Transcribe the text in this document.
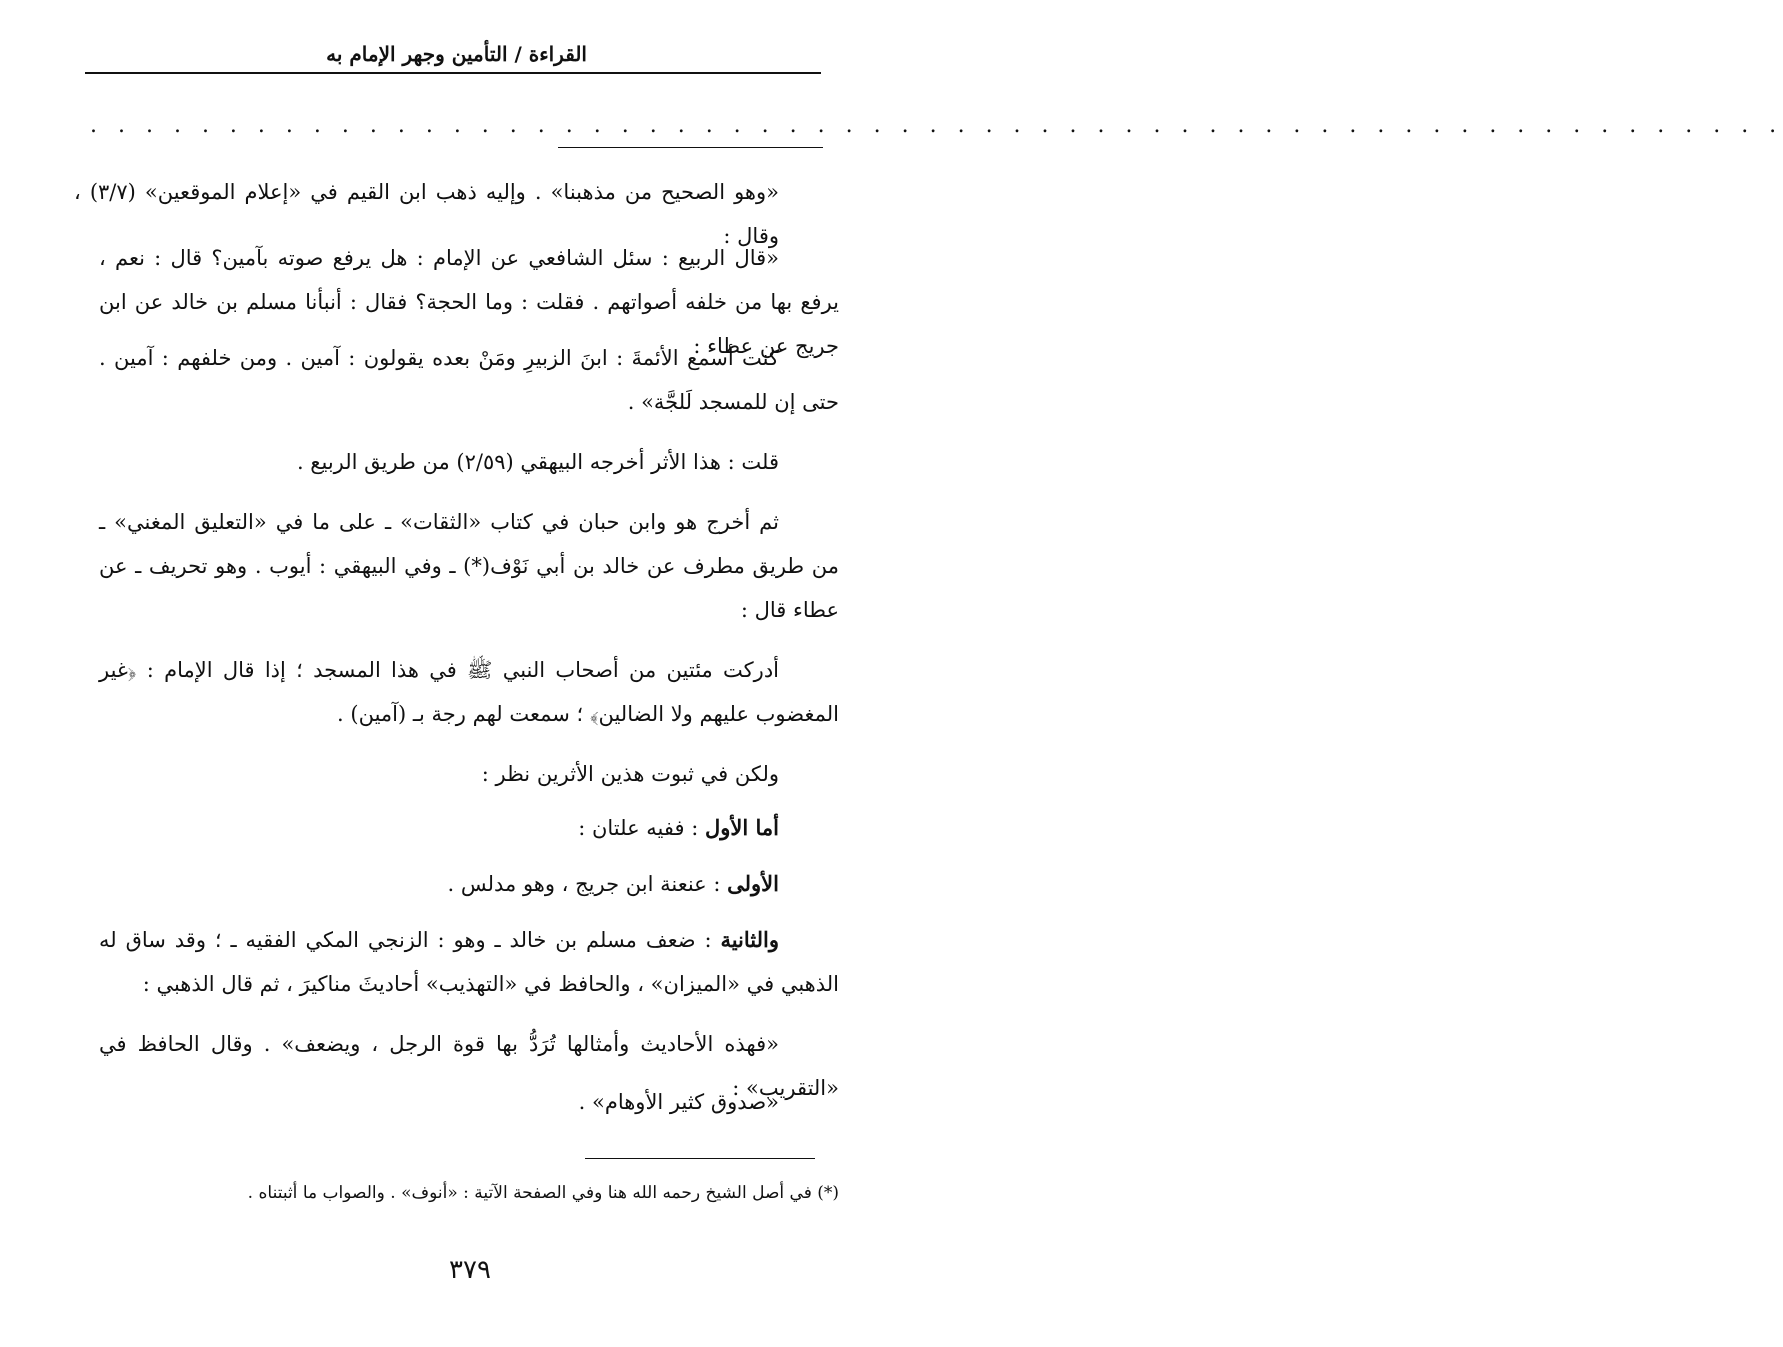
القراءة / التأمين وجهر الإمام به
. . . . . . . . . . . . . . . . . . . . . . . . . . . . . . . . . . . . . . . . . . . . . . . . . . . . . . . . . . . . .
«وهو الصحيح من مذهبنا» . وإليه ذهب ابن القيم في «إعلام الموقعين» (٣/٧) ، وقال :
«قال الربيع : سئل الشافعي عن الإمام : هل يرفع صوته بآمين؟ قال : نعم ، يرفع بها من خلفه أصواتهم . فقلت : وما الحجة؟ فقال : أنبأنا مسلم بن خالد عن ابن جريج عن عطاء :
كنت أسمع الأئمةَ : ابنَ الزبيرِ ومَنْ بعده يقولون : آمين . ومن خلفهم : آمين . حتى إن للمسجد لَلجَّة» .
قلت : هذا الأثر أخرجه البيهقي (٢/٥٩) من طريق الربيع .
ثم أخرج هو وابن حبان في كتاب «الثقات» ـ على ما في «التعليق المغني» ـ من طريق مطرف عن خالد بن أبي نَوْف(*) ـ وفي البيهقي : أيوب . وهو تحريف ـ عن عطاء قال :
أدركت مئتين من أصحاب النبي ﷺ في هذا المسجد ؛ إذا قال الإمام : ﴿غير المغضوب عليهم ولا الضالين﴾ ؛ سمعت لهم رجة بـ (آمين) .
ولكن في ثبوت هذين الأثرين نظر :
أما الأول : ففيه علتان :
الأولى : عنعنة ابن جريج ، وهو مدلس .
والثانية : ضعف مسلم بن خالد ـ وهو : الزنجي المكي الفقيه ـ ؛ وقد ساق له الذهبي في «الميزان» ، والحافظ في «التهذيب» أحاديثَ مناكيرَ ، ثم قال الذهبي :
«فهذه الأحاديث وأمثالها تُرَدُّ بها قوة الرجل ، ويضعف» . وقال الحافظ في «التقريب» :
«صدوق كثير الأوهام» .
(*) في أصل الشيخ رحمه الله هنا وفي الصفحة الآتية : «أنوف» . والصواب ما أثبتناه .
٣٧٩
